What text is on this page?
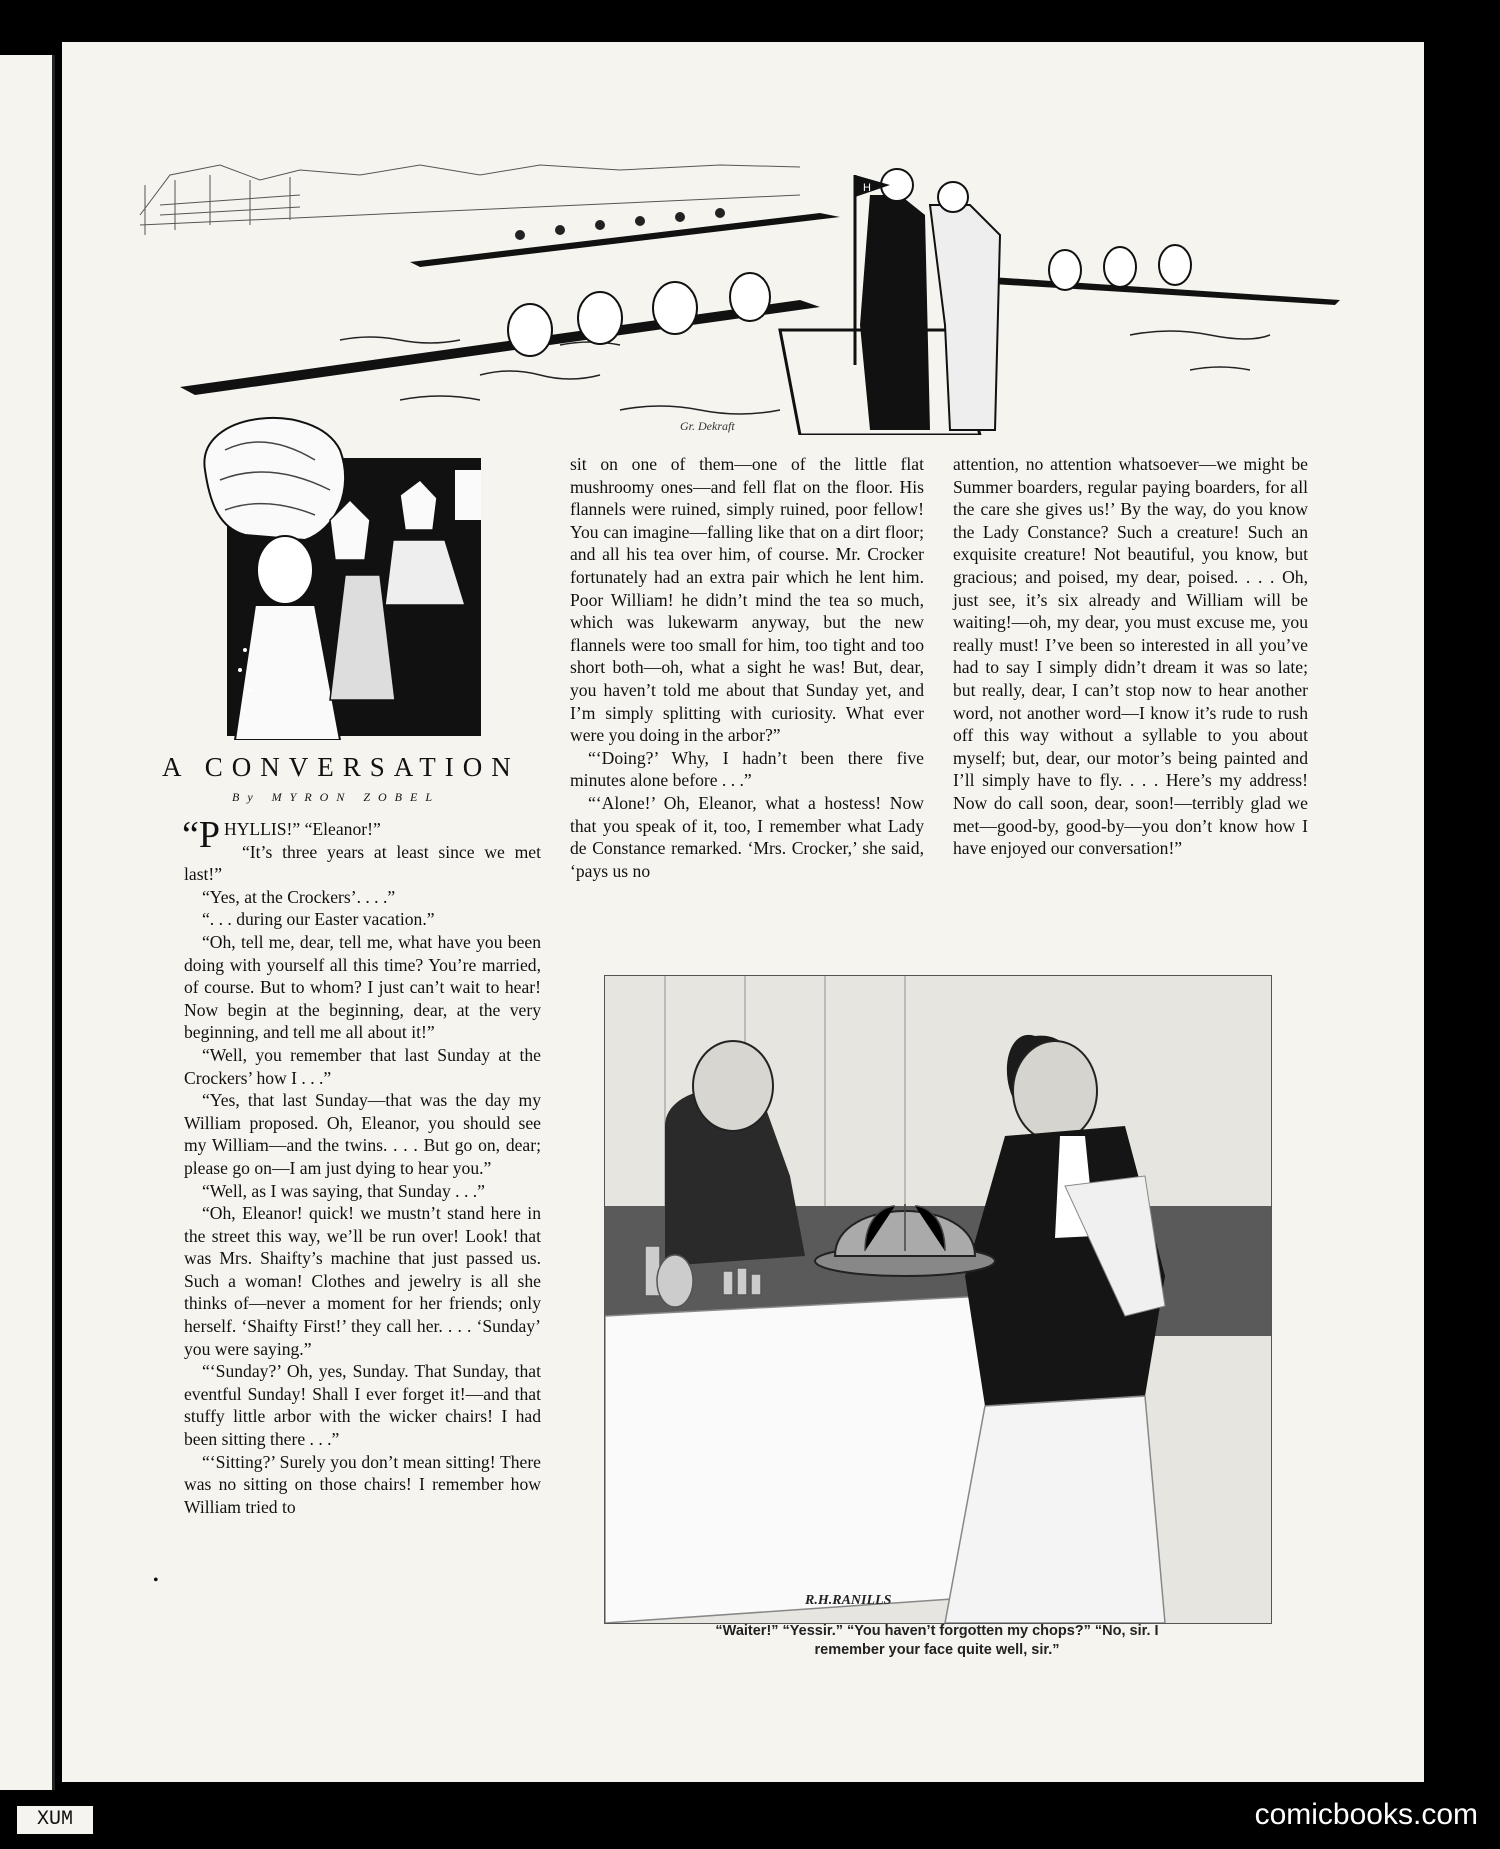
H
Gr. Dekraft
A CONVERSATION
By MYRON ZOBEL

“PHYLLIS!” “Eleanor!”

“It’s three years at least since we met last!”

“Yes, at the Crockers’. . . .”

“. . . during our Easter vacation.”

“Oh, tell me, dear, tell me, what have you been doing with yourself all this time? You’re married, of course. But to whom? I just can’t wait to hear! Now begin at the beginning, dear, at the very beginning, and tell me all about it!”

“Well, you remember that last Sunday at the Crockers’ how I . . .”

“Yes, that last Sunday—that was the day my William proposed. Oh, Eleanor, you should see my William—and the twins. . . . But go on, dear; please go on—I am just dying to hear you.”

“Well, as I was saying, that Sunday . . .”

“Oh, Eleanor! quick! we mustn’t stand here in the street this way, we’ll be run over! Look! that was Mrs. Shaifty’s machine that just passed us. Such a woman! Clothes and jewelry is all she thinks of—never a moment for her friends; only herself. ‘Shaifty First!’ they call her. . . . ‘Sunday’ you were saying.”

“‘Sunday?’ Oh, yes, Sunday. That Sunday, that eventful Sunday! Shall I ever forget it!—and that stuffy little arbor with the wicker chairs! I had been sitting there . . .”

“‘Sitting?’ Surely you don’t mean sitting! There was no sitting on those chairs! I remember how William tried to

sit on one of them—one of the little flat mushroomy ones—and fell flat on the floor. His flannels were ruined, simply ruined, poor fellow! You can imagine—falling like that on a dirt floor; and all his tea over him, of course. Mr. Crocker fortunately had an extra pair which he lent him. Poor William! he didn’t mind the tea so much, which was lukewarm anyway, but the new flannels were too small for him, too tight and too short both—oh, what a sight he was! But, dear, you haven’t told me about that Sunday yet, and I’m simply splitting with curiosity. What ever were you doing in the arbor?”

“‘Doing?’ Why, I hadn’t been there five minutes alone before . . .”

“‘Alone!’ Oh, Eleanor, what a hostess! Now that you speak of it, too, I remember what Lady de Constance remarked. ‘Mrs. Crocker,’ she said, ‘pays us no

attention, no attention whatsoever—we might be Summer boarders, regular paying boarders, for all the care she gives us!’ By the way, do you know the Lady Constance? Such a creature! Such an exquisite creature! Not beautiful, you know, but gracious; and poised, my dear, poised. . . . Oh, just see, it’s six already and William will be waiting!—oh, my dear, you must excuse me, you really must! I’ve been so interested in all you’ve had to say I simply didn’t dream it was so late; but really, dear, I can’t stop now to hear another word, not another word—I know it’s rude to rush off this way without a syllable to you about myself; but, dear, our motor’s being painted and I’ll simply have to fly. . . . Here’s my address! Now do call soon, dear, soon!—terribly glad we met—good-by, good-by—you don’t know how I have enjoyed our conversation!”

•
R.H.RANILLS
“Waiter!” “Yessir.” “You haven’t forgotten my chops?” “No, sir. I
remember your face quite well, sir.”
XUM	comicbooks.com
